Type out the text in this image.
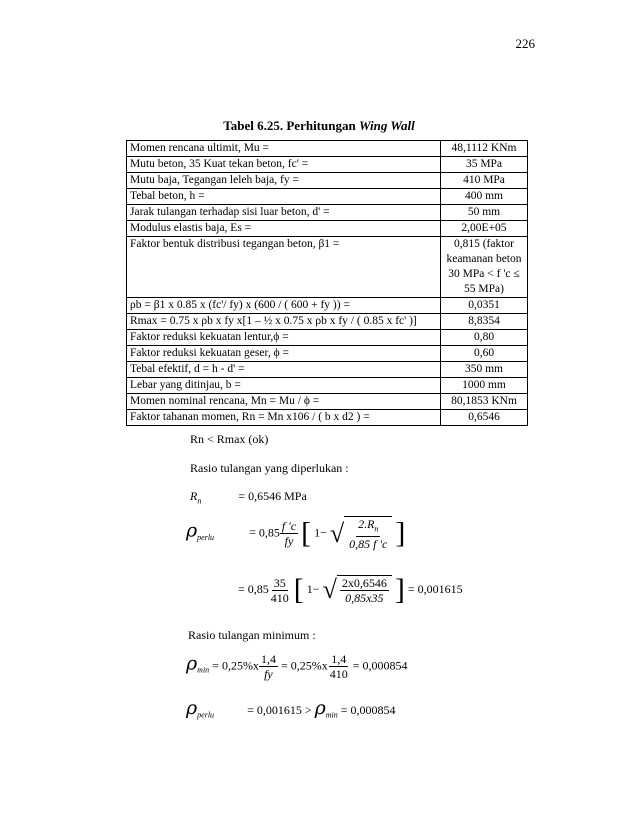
226
Tabel 6.25. Perhitungan Wing Wall
Momen rencana ultimit, Mu =	48,1112 KNm
Mutu beton, 35 Kuat tekan beton, fc' =	35 MPa
Mutu baja, Tegangan leleh baja, fy =	410 MPa
Tebal beton, h =	400 mm
Jarak tulangan terhadap sisi luar beton, d' =	50 mm
Modulus elastis baja, Es =	2,00E+05
Faktor bentuk distribusi tegangan beton, β1 =	0,815 (faktor keamanan beton 30 MPa < f 'c ≤ 55 MPa)
ρb = β1 x 0.85 x (fc'/ fy) x (600 / ( 600 + fy )) =	0,0351
Rmax = 0.75 x ρb x fy x[1 – ½ x 0.75 x ρb x fy / ( 0.85 x fc' )]	8,8354
Faktor reduksi kekuatan lentur,ϕ =	0,80
Faktor reduksi kekuatan geser, ϕ =	0,60
Tebal efektif, d = h - d' =	350 mm
Lebar yang ditinjau, b =	1000 mm
Momen nominal rencana, Mn = Mu / ϕ =	80,1853 KNm
Faktor tahanan momen, Rn = Mn x106 / ( b x d2 ) =	0,6546
Rn < Rmax (ok)
Rasio tulangan yang diperlukan :
$R_n$	= 0,6546 MPa
$\rho_{perlu}$	= $0,85 \frac{f 'c}{fy}$ [ 1− √ $\frac{2.R_n}{0,85 f 'c}$ ]
= $0,85 \frac{35}{410}$ [ 1− √ $\frac{2x0,6546}{0,85x35}$ ] = 0,001615
Rasio tulangan minimum :
$\rho_{min} = 0,25\%x \frac{1,4}{fy} = 0,25\%x \frac{1,4}{410} = 0,000854$
$\rho_{perlu}$	= $0,001615 > \rho_{min} = 0,000854$
